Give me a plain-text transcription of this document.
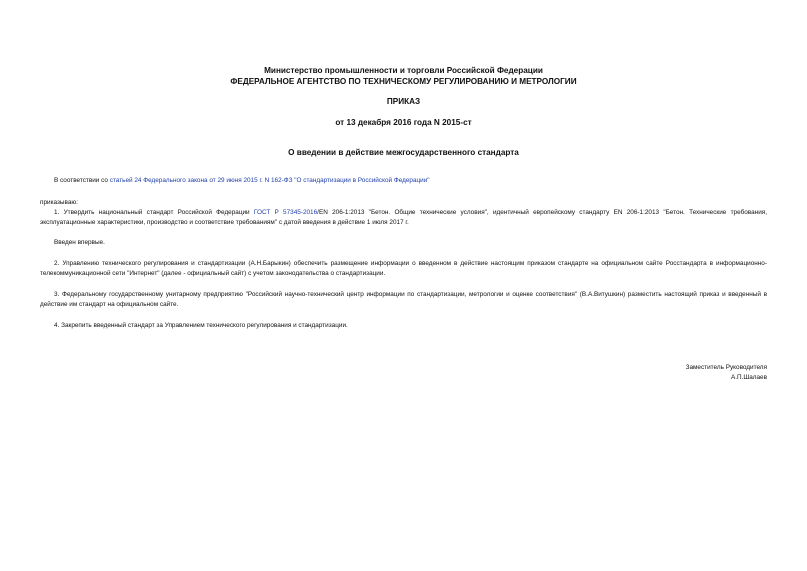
Министерство промышленности и торговли Российской Федерации
ФЕДЕРАЛЬНОЕ АГЕНТСТВО ПО ТЕХНИЧЕСКОМУ РЕГУЛИРОВАНИЮ И МЕТРОЛОГИИ
ПРИКАЗ
от 13 декабря 2016 года N 2015-ст
О введении в действие межгосударственного стандарта
В соответствии со статьей 24 Федерального закона от 29 июня 2015 г. N 162-ФЗ "О стандартизации в Российской Федерации"
приказываю:
1. Утвердить национальный стандарт Российской Федерации ГОСТ Р 57345-2016/EN 206-1:2013 "Бетон. Общие технические условия", идентичный европейскому стандарту EN 206-1:2013 "Бетон. Технические требования, эксплуатационные характеристики, производство и соответствие требованиям" с датой введения в действие 1 июля 2017 г.
Введен впервые.
2. Управлению технического регулирования и стандартизации (А.Н.Барыкин) обеспечить размещение информации о введенном в действие настоящим приказом стандарте на официальном сайте Росстандарта в информационно-телекоммуникационной сети "Интернет" (далее - официальный сайт) с учетом законодательства о стандартизации.
3. Федеральному государственному унитарному предприятию "Российский научно-технический центр информации по стандартизации, метрологии и оценке соответствия" (В.А.Витушкин) разместить настоящий приказ и введенный в действие им стандарт на официальном сайте.
4. Закрепить введенный стандарт за Управлением технического регулирования и стандартизации.
Заместитель Руководителя
А.П.Шалаев
